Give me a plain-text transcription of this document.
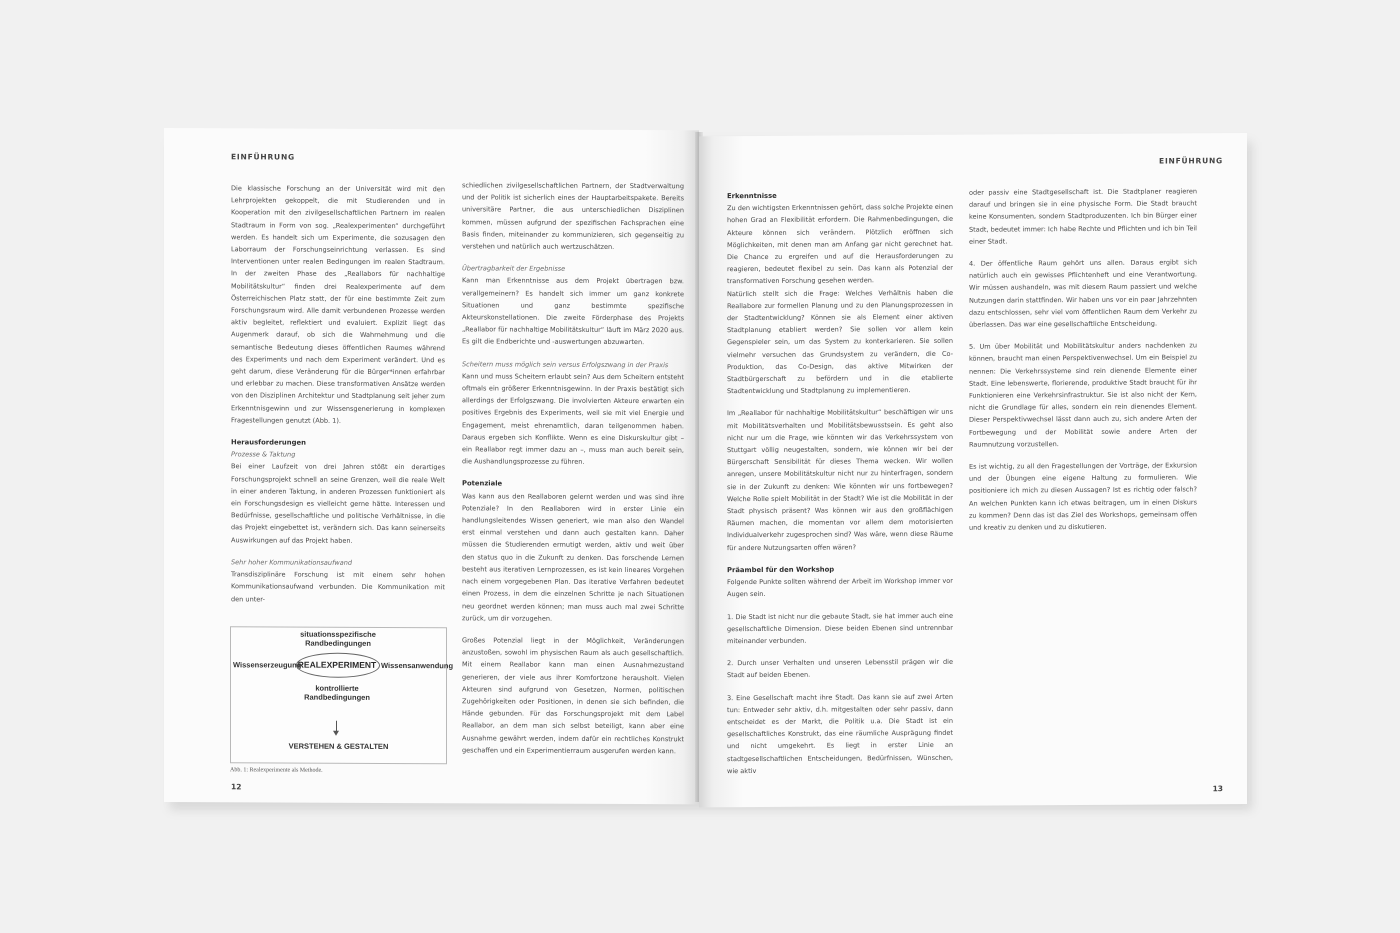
EINFÜHRUNG

Die klassische Forschung an der Universität wird mit den Lehrprojekten gekoppelt, die mit Studierenden und in Kooperation mit den zivilgesellschaftlichen Partnern im realen Stadtraum in Form von sog. „Realexperimenten“ durchgeführt werden. Es handelt sich um Experimente, die sozusagen den Laborraum der Forschungseinrichtung verlassen. Es sind Interventionen unter realen Bedingungen im realen Stadtraum. In der zweiten Phase des „Reallabors für nachhaltige Mobilitätskultur“ finden drei Realexperimente auf dem Österreichischen Platz statt, der für eine bestimmte Zeit zum Forschungsraum wird. Alle damit verbundenen Prozesse werden aktiv begleitet, reflektiert und evaluiert. Explizit liegt das Augenmerk darauf, ob sich die Wahrnehmung und die semantische Bedeutung dieses öffentlichen Raumes während des Experiments und nach dem Experiment verändert. Und es geht darum, diese Veränderung für die Bürger*innen erfahrbar und erlebbar zu machen. Diese transformativen Ansätze werden von den Disziplinen Architektur und Stadtplanung seit jeher zum Erkenntnisgewinn und zur Wissensgenerierung in komplexen Fragestellungen genutzt (Abb. 1).

Herausforderungen
Prozesse & Taktung

Bei einer Laufzeit von drei Jahren stößt ein derartiges Forschungsprojekt schnell an seine Grenzen, weil die reale Welt in einer anderen Taktung, in anderen Prozessen funktioniert als ein Forschungsdesign es vielleicht gerne hätte. Interessen und Bedürfnisse, gesellschaftliche und politische Verhältnisse, in die das Projekt eingebettet ist, verändern sich. Das kann seinerseits Auswirkungen auf das Projekt haben.

Sehr hoher Kommunikationsaufwand

Transdisziplinäre Forschung ist mit einem sehr hohen Kommunikationsaufwand verbunden. Die Kommunikation mit den unter-

situationsspezifische Randbedingungen
Wissenserzeugung
REALEXPERIMENT Wissensanwendung
kontrollierte Randbedingungen
VERSTEHEN & GESTALTEN
Abb. 1: Realexperimente als Methode.

schiedlichen zivilgesellschaftlichen Partnern, der Stadtverwaltung und der Politik ist sicherlich eines der Hauptarbeitspakete. Bereits universitäre Partner, die aus unterschiedlichen Disziplinen kommen, müssen aufgrund der spezifischen Fachsprachen eine Basis finden, miteinander zu kommunizieren, sich gegenseitig zu verstehen und natürlich auch wertzuschätzen.

Übertragbarkeit der Ergebnisse

Kann man Erkenntnisse aus dem Projekt übertragen bzw. verallgemeinern? Es handelt sich immer um ganz konkrete Situationen und ganz bestimmte spezifische Akteurskonstellationen. Die zweite Förderphase des Projekts „Reallabor für nachhaltige Mobilitätskultur“ läuft im März 2020 aus. Es gilt die Endberichte und -auswertungen abzuwarten.

Scheitern muss möglich sein versus Erfolgszwang in der Praxis

Kann und muss Scheitern erlaubt sein? Aus dem Scheitern entsteht oftmals ein größerer Erkenntnisgewinn. In der Praxis bestätigt sich allerdings der Erfolgszwang. Die involvierten Akteure erwarten ein positives Ergebnis des Experiments, weil sie mit viel Energie und Engagement, meist ehrenamtlich, daran teilgenommen haben. Daraus ergeben sich Konflikte. Wenn es eine Diskurskultur gibt – ein Reallabor regt immer dazu an –, muss man auch bereit sein, die Aushandlungsprozesse zu führen.

Potenziale

Was kann aus den Reallaboren gelernt werden und was sind ihre Potenziale? In den Reallaboren wird in erster Linie ein handlungsleitendes Wissen generiert, wie man also den Wandel erst einmal verstehen und dann auch gestalten kann. Daher müssen die Studierenden ermutigt werden, aktiv und weit über den status quo in die Zukunft zu denken. Das forschende Lernen besteht aus iterativen Lernprozessen, es ist kein lineares Vorgehen nach einem vorgegebenen Plan. Das iterative Verfahren bedeutet einen Prozess, in dem die einzelnen Schritte je nach Situationen neu geordnet werden können; man muss auch mal zwei Schritte zurück, um dir vorzugehen.

Großes Potenzial liegt in der Möglichkeit, Veränderungen anzustoßen, sowohl im physischen Raum als auch gesellschaftlich. Mit einem Reallabor kann man einen Ausnahmezustand generieren, der viele aus ihrer Komfortzone herausholt. Vielen Akteuren sind aufgrund von Gesetzen, Normen, politischen Zugehörigkeiten oder Positionen, in denen sie sich befinden, die Hände gebunden. Für das Forschungsprojekt mit dem Label Reallabor, an dem man sich selbst beteiligt, kann aber eine Ausnahme gewährt werden, indem dafür ein rechtliches Konstrukt geschaffen und ein Experimentierraum ausgerufen werden kann.

12
EINFÜHRUNG
Erkenntnisse

Zu den wichtigsten Erkenntnissen gehört, dass solche Projekte einen hohen Grad an Flexibilität erfordern. Die Rahmenbedingungen, die Akteure können sich verändern. Plötzlich eröffnen sich Möglichkeiten, mit denen man am Anfang gar nicht gerechnet hat. Die Chance zu ergreifen und auf die Herausforderungen zu reagieren, bedeutet flexibel zu sein. Das kann als Potenzial der transformativen Forschung gesehen werden.

Natürlich stellt sich die Frage: Welches Verhältnis haben die Reallabore zur formellen Planung und zu den Planungsprozessen in der Stadtentwicklung? Können sie als Element einer aktiven Stadtplanung etabliert werden? Sie sollen vor allem kein Gegenspieler sein, um das System zu konterkarieren. Sie sollen vielmehr versuchen das Grundsystem zu verändern, die Co-Produktion, das Co-Design, das aktive Mitwirken der Stadtbürgerschaft zu befördern und in die etablierte Stadtentwicklung und Stadtplanung zu implementieren.

Im „Reallabor für nachhaltige Mobilitätskultur“ beschäftigen wir uns mit Mobilitätsverhalten und Mobilitätsbewusstsein. Es geht also nicht nur um die Frage, wie könnten wir das Verkehrssystem von Stuttgart völlig neugestalten, sondern, wie können wir bei der Bürgerschaft Sensibilität für dieses Thema wecken. Wir wollen anregen, unsere Mobilitätskultur nicht nur zu hinterfragen, sondern sie in der Zukunft zu denken: Wie könnten wir uns fortbewegen? Welche Rolle spielt Mobilität in der Stadt? Wie ist die Mobilität in der Stadt physisch präsent? Was können wir aus den großflächigen Räumen machen, die momentan vor allem dem motorisierten Individualverkehr zugesprochen sind? Was wäre, wenn diese Räume für andere Nutzungsarten offen wären?

Präambel für den Workshop

Folgende Punkte sollten während der Arbeit im Workshop immer vor Augen sein.

1. Die Stadt ist nicht nur die gebaute Stadt, sie hat immer auch eine gesellschaftliche Dimension. Diese beiden Ebenen sind untrennbar miteinander verbunden.

2. Durch unser Verhalten und unseren Lebensstil prägen wir die Stadt auf beiden Ebenen.

3. Eine Gesellschaft macht ihre Stadt. Das kann sie auf zwei Arten tun: Entweder sehr aktiv, d.h. mitgestalten oder sehr passiv, dann entscheidet es der Markt, die Politik u.a. Die Stadt ist ein gesellschaftliches Konstrukt, das eine räumliche Ausprägung findet und nicht umgekehrt. Es liegt in erster Linie an stadtgesellschaftlichen Entscheidungen, Bedürfnissen, Wünschen, wie aktiv

oder passiv eine Stadtgesellschaft ist. Die Stadtplaner reagieren darauf und bringen sie in eine physische Form. Die Stadt braucht keine Konsumenten, sondern Stadtproduzenten. Ich bin Bürger einer Stadt, bedeutet immer: Ich habe Rechte und Pflichten und ich bin Teil einer Stadt.

4. Der öffentliche Raum gehört uns allen. Daraus ergibt sich natürlich auch ein gewisses Pflichtenheft und eine Verantwortung. Wir müssen aushandeln, was mit diesem Raum passiert und welche Nutzungen darin stattfinden. Wir haben uns vor ein paar Jahrzehnten dazu entschlossen, sehr viel vom öffentlichen Raum dem Verkehr zu überlassen. Das war eine gesellschaftliche Entscheidung.

5. Um über Mobilität und Mobilitätskultur anders nachdenken zu können, braucht man einen Perspektivenwechsel. Um ein Beispiel zu nennen: Die Verkehrssysteme sind rein dienende Elemente einer Stadt. Eine lebenswerte, florierende, produktive Stadt braucht für ihr Funktionieren eine Verkehrsinfrastruktur. Sie ist also nicht der Kern, nicht die Grundlage für alles, sondern ein rein dienendes Element. Dieser Perspektivwechsel lässt dann auch zu, sich andere Arten der Fortbewegung und der Mobilität sowie andere Arten der Raumnutzung vorzustellen.

Es ist wichtig, zu all den Fragestellungen der Vorträge, der Exkursion und der Übungen eine eigene Haltung zu formulieren. Wie positioniere ich mich zu diesen Aussagen? Ist es richtig oder falsch? An welchen Punkten kann ich etwas beitragen, um in einen Diskurs zu kommen? Denn das ist das Ziel des Workshops, gemeinsam offen und kreativ zu denken und zu diskutieren.

13
